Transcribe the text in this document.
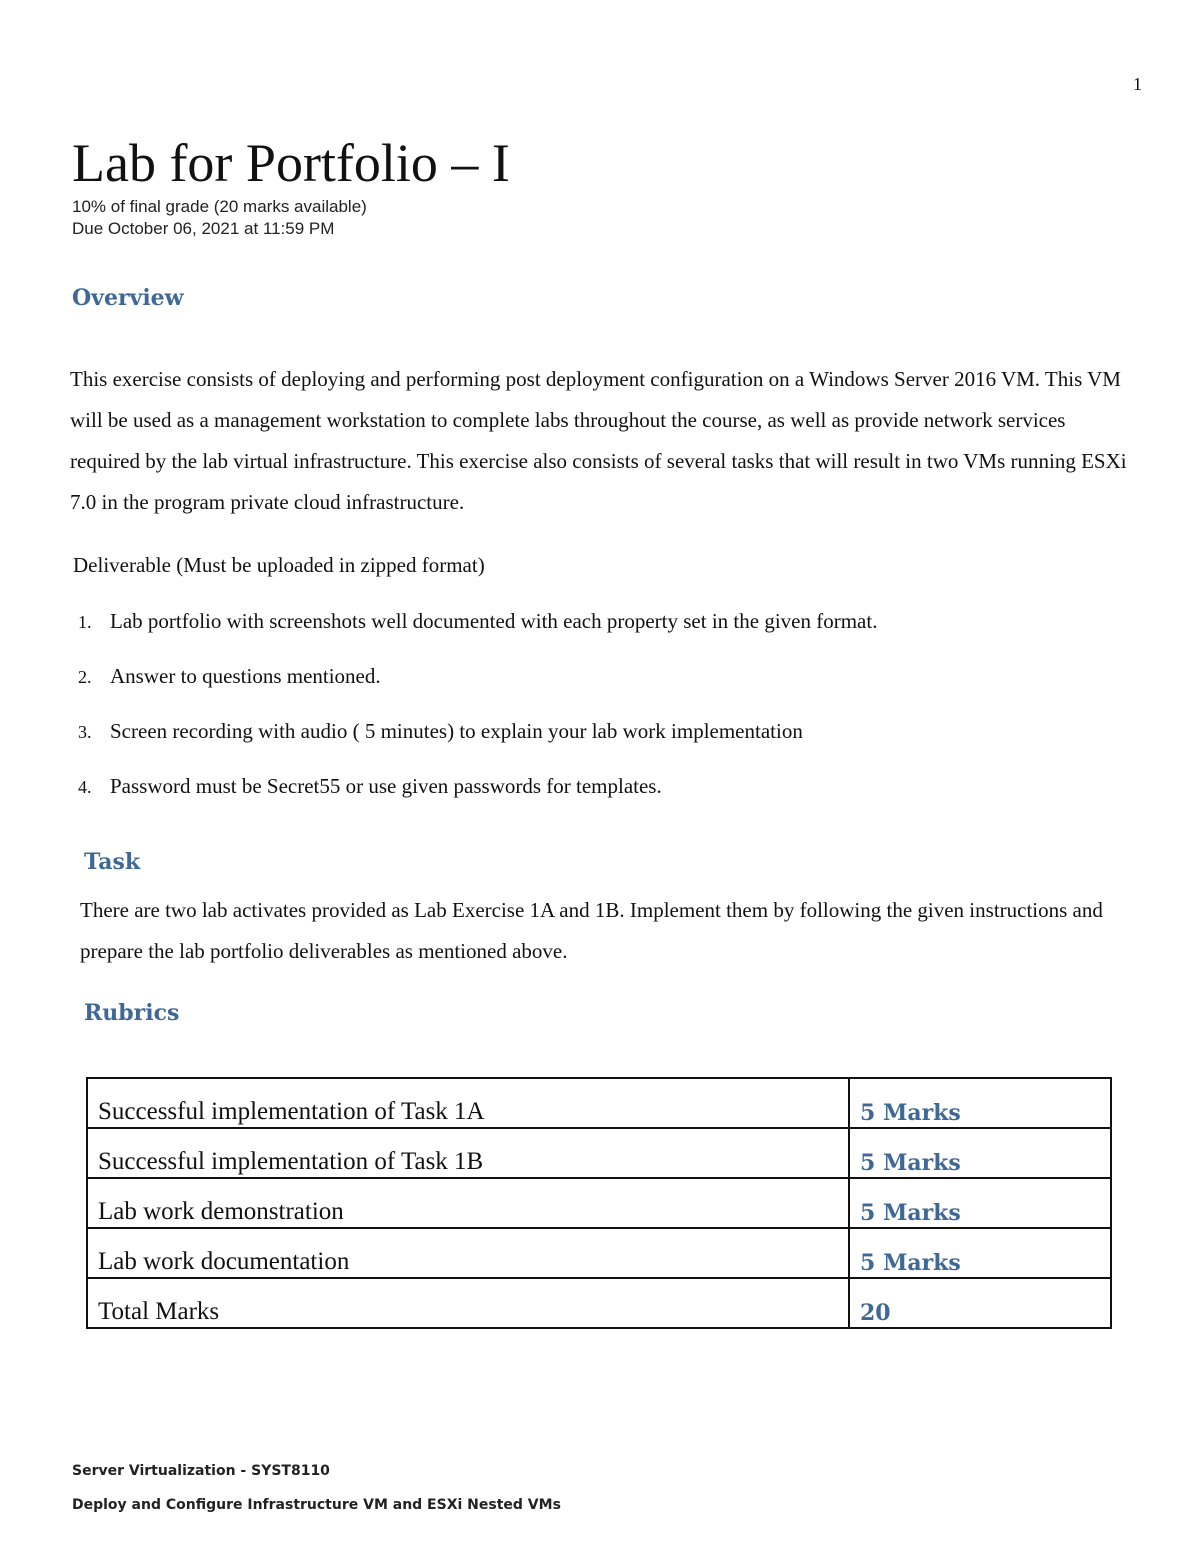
1
Lab for Portfolio – I
10% of final grade (20 marks available)
Due October 06, 2021 at 11:59 PM
Overview
This exercise consists of deploying and performing post deployment configuration on a Windows Server 2016 VM. This VM will be used as a management workstation to complete labs throughout the course, as well as provide network services required by the lab virtual infrastructure. This exercise also consists of several tasks that will result in two VMs running ESXi 7.0 in the program private cloud infrastructure.
Deliverable (Must be uploaded in zipped format)
1. Lab portfolio with screenshots well documented with each property set in the given format.
2. Answer to questions mentioned.
3. Screen recording with audio ( 5 minutes) to explain your lab work implementation
4. Password must be Secret55 or use given passwords for templates.
Task
There are two lab activates provided as Lab Exercise 1A and 1B. Implement them by following the given instructions and prepare the lab portfolio deliverables as mentioned above.
Rubrics
Successful implementation of Task 1A	5 Marks
Successful implementation of Task 1B	5 Marks
Lab work demonstration	5 Marks
Lab work documentation	5 Marks
Total Marks	20
Server Virtualization - SYST8110
Deploy and Configure Infrastructure VM and ESXi Nested VMs
